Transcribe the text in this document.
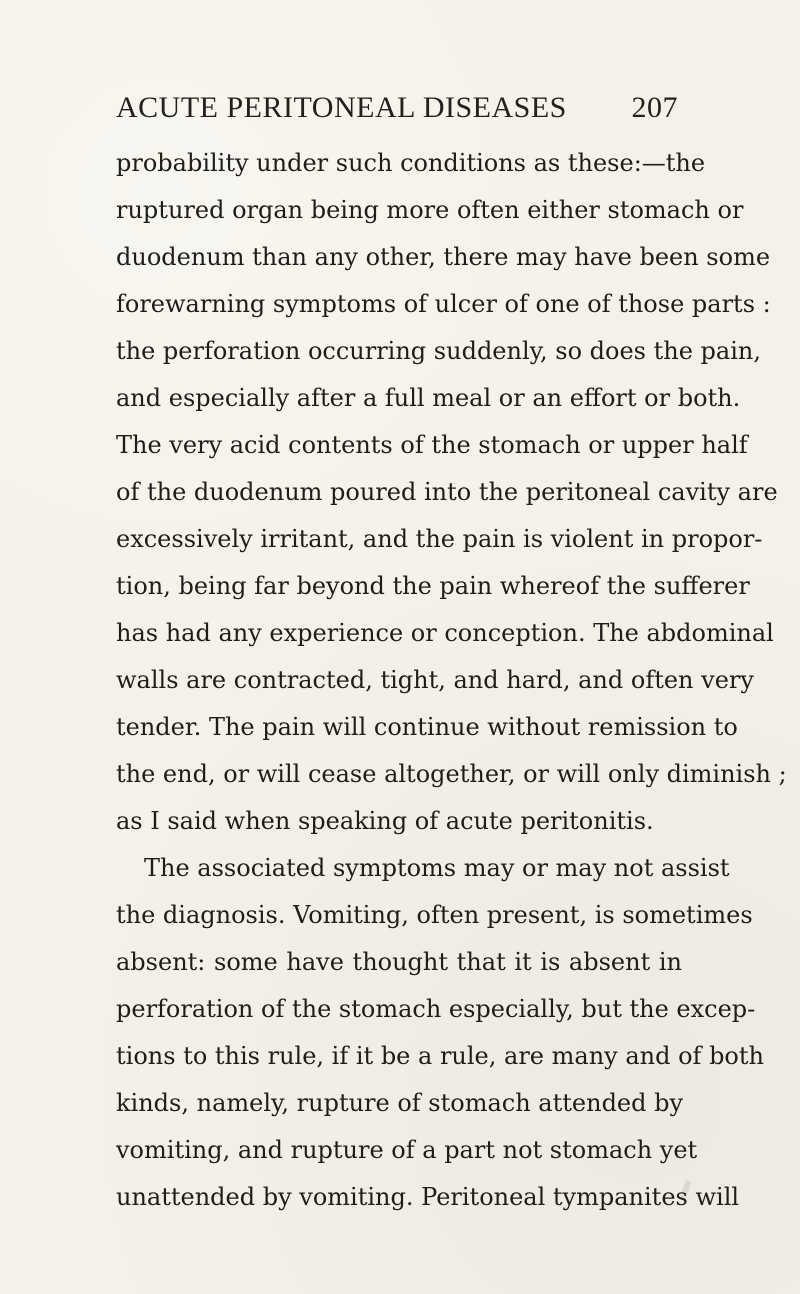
ACUTE PERITONEAL DISEASES 207
probability under such conditions as these:—the
ruptured organ being more often either stomach or
duodenum than any other, there may have been some
forewarning symptoms of ulcer of one of those parts :
the perforation occurring suddenly, so does the pain,
and especially after a full meal or an effort or both.
The very acid contents of the stomach or upper half
of the duodenum poured into the peritoneal cavity are
excessively irritant, and the pain is violent in propor-
tion, being far beyond the pain whereof the sufferer
has had any experience or conception. The abdominal
walls are contracted, tight, and hard, and often very
tender. The pain will continue without remission to
the end, or will cease altogether, or will only diminish ;
as I said when speaking of acute peritonitis.
The associated symptoms may or may not assist
the diagnosis. Vomiting, often present, is sometimes
absent: some have thought that it is absent in
perforation of the stomach especially, but the excep-
tions to this rule, if it be a rule, are many and of both
kinds, namely, rupture of stomach attended by
vomiting, and rupture of a part not stomach yet
unattended by vomiting. Peritoneal tympanites will
